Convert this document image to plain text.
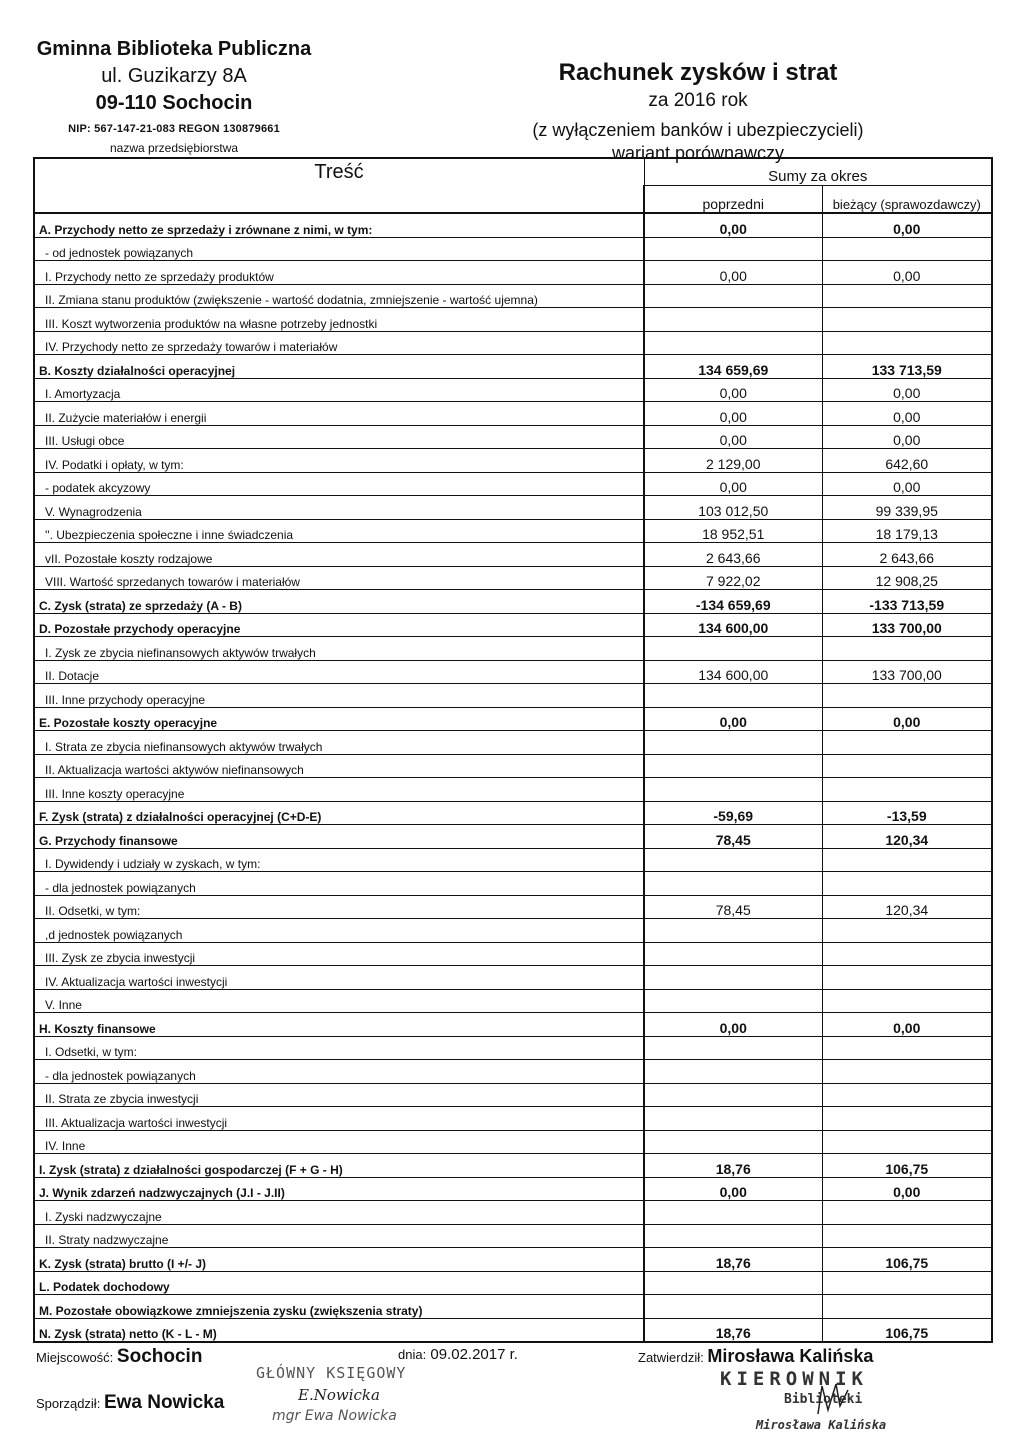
Gminna Biblioteka Publiczna
ul. Guzikarzy 8A
09-110 Sochocin
NIP: 567-147-21-083 REGON 130879661
nazwa przedsiębiorstwa
Rachunek zysków i strat
za 2016 rok
(z wyłączeniem banków i ubezpieczycieli)
wariant porównawczy
Treść	Sumy za okres	
	poprzedni	bieżący (sprawozdawczy)
A. Przychody netto ze sprzedaży i zrównane z nimi, w tym:	0,00	0,00
- od jednostek powiązanych		
I. Przychody netto ze sprzedaży produktów	0,00	0,00
II. Zmiana stanu produktów (zwiększenie - wartość dodatnia, zmniejszenie - wartość ujemna)		
III. Koszt wytworzenia produktów na własne potrzeby jednostki		
IV. Przychody netto ze sprzedaży towarów i materiałów		
B. Koszty działalności operacyjnej	134 659,69	133 713,59
I. Amortyzacja	0,00	0,00
II. Zużycie materiałów i energii	0,00	0,00
III. Usługi obce	0,00	0,00
IV. Podatki i opłaty, w tym:	2 129,00	642,60
- podatek akcyzowy	0,00	0,00
V. Wynagrodzenia	103 012,50	99 339,95
''. Ubezpieczenia społeczne i inne świadczenia	18 952,51	18 179,13
vII. Pozostałe koszty rodzajowe	2 643,66	2 643,66
VIII. Wartość sprzedanych towarów i materiałów	7 922,02	12 908,25
C. Zysk (strata) ze sprzedaży (A - B)	-134 659,69	-133 713,59
D. Pozostałe przychody operacyjne	134 600,00	133 700,00
I. Zysk ze zbycia niefinansowych aktywów trwałych		
II. Dotacje	134 600,00	133 700,00
III. Inne przychody operacyjne		
E. Pozostałe koszty operacyjne	0,00	0,00
I. Strata ze zbycia niefinansowych aktywów trwałych		
II. Aktualizacja wartości aktywów niefinansowych		
III. Inne koszty operacyjne		
F. Zysk (strata) z działalności operacyjnej (C+D-E)	-59,69	-13,59
G. Przychody finansowe	78,45	120,34
I. Dywidendy i udziały w zyskach, w tym:		
- dla jednostek powiązanych		
II. Odsetki, w tym:	78,45	120,34
,d jednostek powiązanych		
III. Zysk ze zbycia inwestycji		
IV. Aktualizacja wartości inwestycji		
V. Inne		
H. Koszty finansowe	0,00	0,00
I. Odsetki, w tym:		
- dla jednostek powiązanych		
II. Strata ze zbycia inwestycji		
III. Aktualizacja wartości inwestycji		
IV. Inne		
I. Zysk (strata) z działalności gospodarczej (F + G - H)	18,76	106,75
J. Wynik zdarzeń nadzwyczajnych (J.I - J.II)	0,00	0,00
I. Zyski nadzwyczajne		
II. Straty nadzwyczajne		
K. Zysk (strata) brutto (I +/- J)	18,76	106,75
L. Podatek dochodowy		
M. Pozostałe obowiązkowe zmniejszenia zysku (zwiększenia straty)		
N. Zysk (strata) netto (K - L - M)	18,76	106,75
Miejscowość: Sochocin	dnia: 09.02.2017 r.	Zatwierdził: Mirosława Kalińska
Sporządził: Ewa Nowicka
GŁÓWNY KSIĘGOWY
E.Nowicka
mgr Ewa Nowicka
KIEROWNIK
Biblioteki
Mirosława Kalińska
